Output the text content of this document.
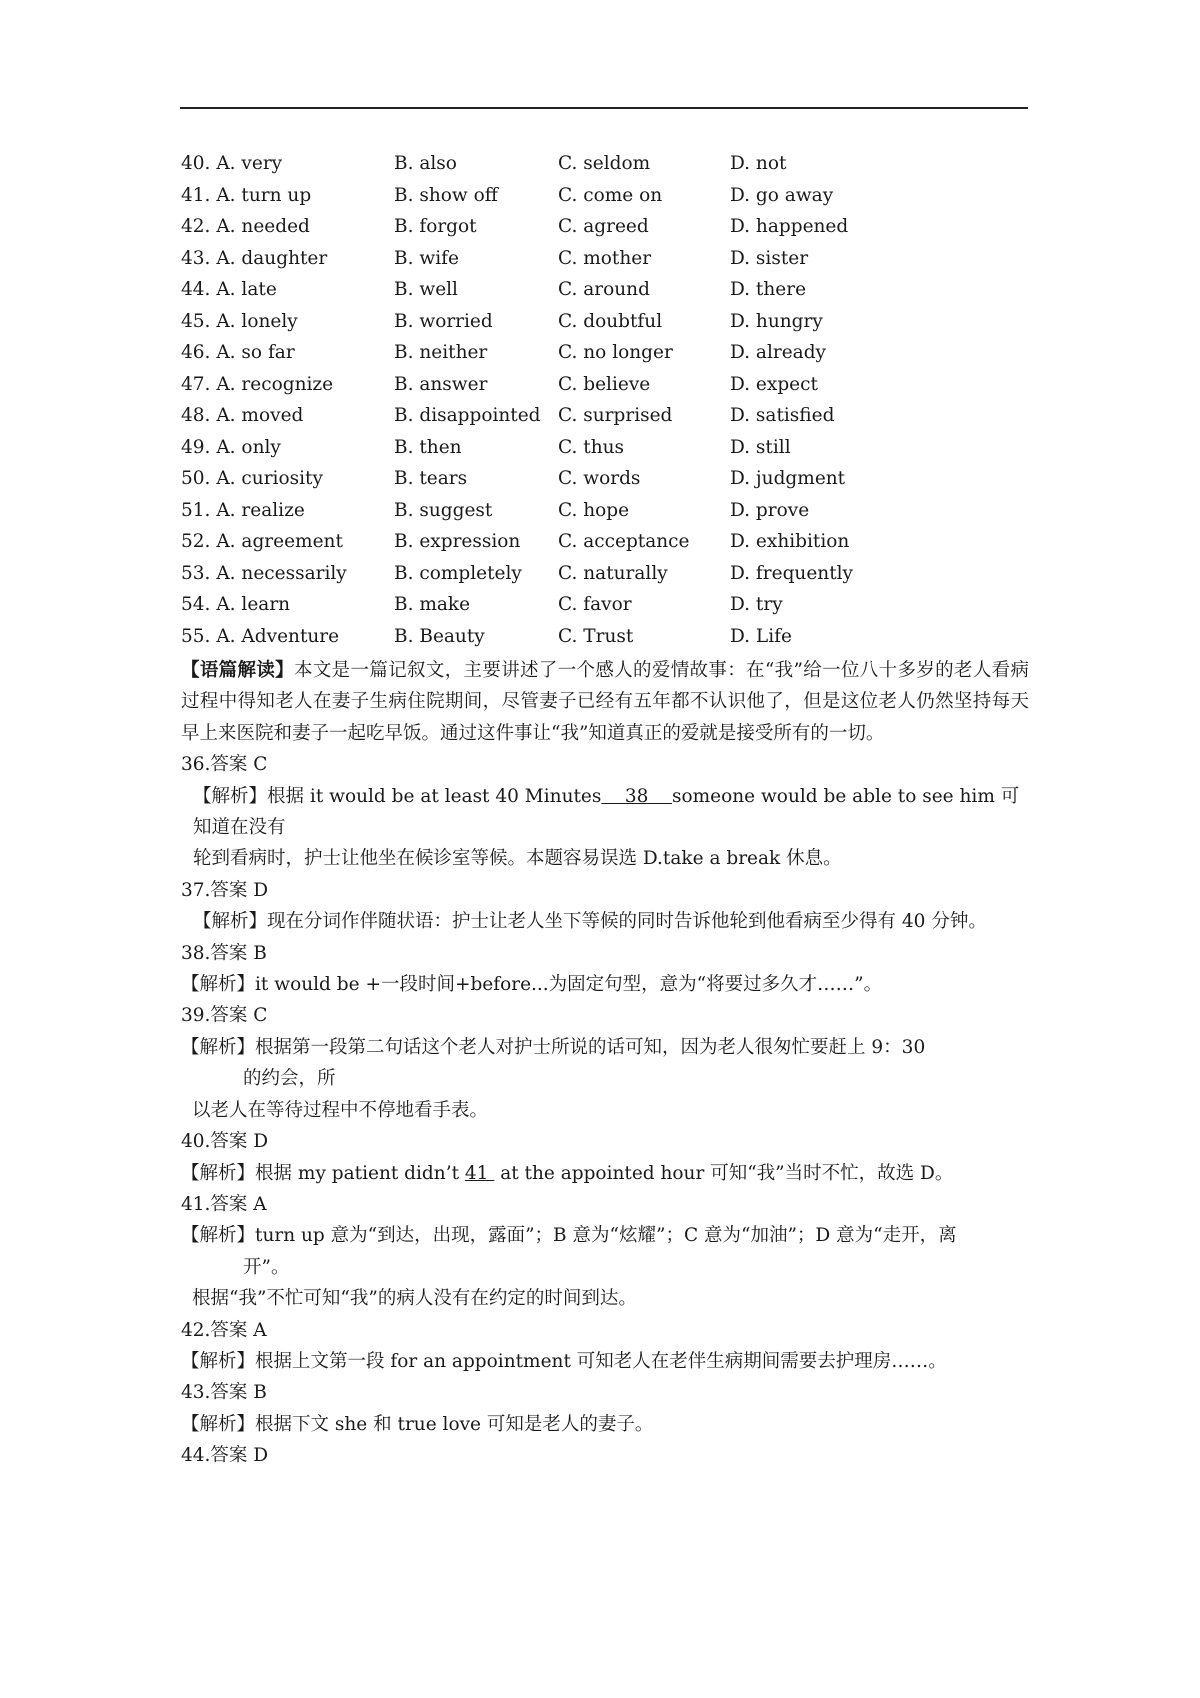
40. A. very	B. also	C. seldom	D. not
41. A. turn up	B. show off	C. come on	D. go away
42. A. needed	B. forgot	C. agreed	D. happened
43. A. daughter	B. wife	C. mother	D. sister
44. A. late	B. well	C. around	D. there
45. A. lonely	B. worried	C. doubtful	D. hungry
46. A. so far	B. neither	C. no longer	D. already
47. A. recognize	B. answer	C. believe	D. expect
48. A. moved	B. disappointed C. surprised	D. satisfied
49. A. only	B. then	C. thus	D. still
50. A. curiosity	B. tears	C. words	D. judgment
51. A. realize	B. suggest	C. hope	D. prove
52. A. agreement	B. expression C. acceptance D. exhibition
53. A. necessarily	B. completely C. naturally	D. frequently
54. A. learn	B. make	C. favor	D. try
55. A. Adventure	B. Beauty	C. Trust	D. Life

【语篇解读】本文是一篇记叙文，主要讲述了一个感人的爱情故事：在“我”给一位八十多岁的老人看病过程中得知老人在妻子生病住院期间，尽管妻子已经有五年都不认识他了，但是这位老人仍然坚持每天早上来医院和妻子一起吃早饭。通过这件事让“我”知道真正的爱就是接受所有的一切。

36.答案 C

【解析】根据 it would be at least 40 Minutes    38    someone would be able to see him 可知道在没有

轮到看病时，护士让他坐在候诊室等候。本题容易误选 D.take a break 休息。

37.答案 D

【解析】现在分词作伴随状语：护士让老人坐下等候的同时告诉他轮到他看病至少得有 40 分钟。

38.答案 B

【解析】it would be +一段时间+before...为固定句型，意为“将要过多久才……”。

39.答案 C

【解析】根据第一段第二句话这个老人对护士所说的话可知，因为老人很匆忙要赶上 9：30

的约会，所

以老人在等待过程中不停地看手表。

40.答案 D

【解析】根据 my patient didn’t 41  at the appointed hour 可知“我”当时不忙，故选 D。

41.答案 A

【解析】turn up 意为“到达，出现，露面”；B 意为“炫耀”；C 意为“加油”；D 意为“走开，离

开”。

根据“我”不忙可知“我”的病人没有在约定的时间到达。

42.答案 A

【解析】根据上文第一段 for an appointment 可知老人在老伴生病期间需要去护理房……。

43.答案 B

【解析】根据下文 she 和 true love 可知是老人的妻子。

44.答案 D
